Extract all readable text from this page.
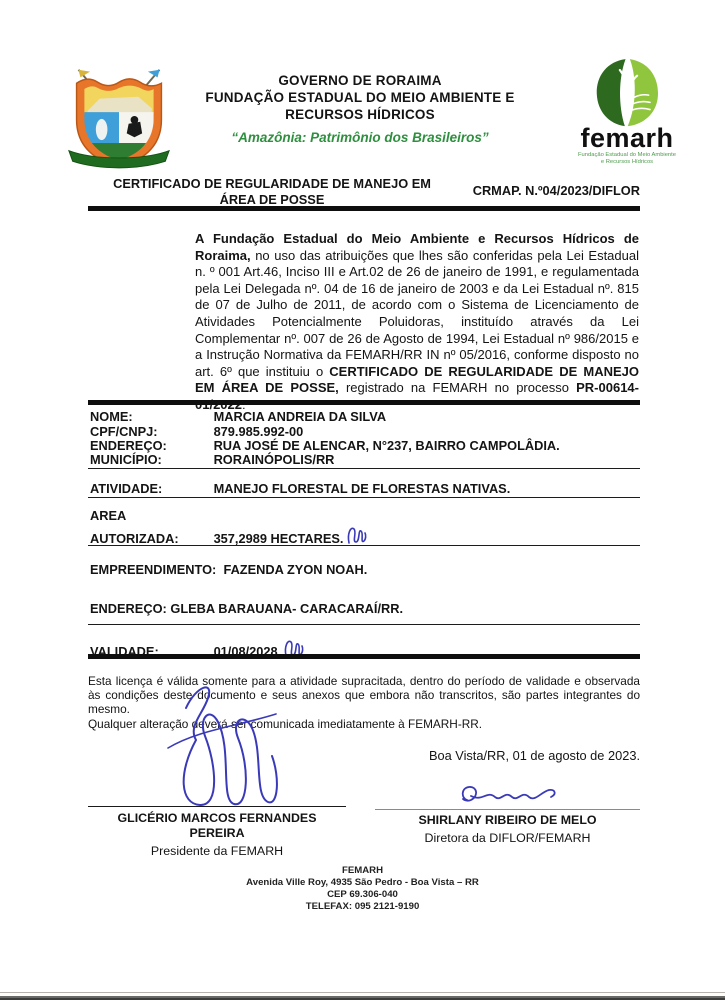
GOVERNO DE RORAIMA
FUNDAÇÃO ESTADUAL DO MEIO AMBIENTE E
RECURSOS HÍDRICOS
“Amazônia: Patrimônio dos Brasileiros”	femarh
Fundação Estadual do Meio Ambiente
e Recursos Hídricos
CERTIFICADO DE REGULARIDADE DE MANEJO EM
ÁREA DE POSSE
CRMAP. N.º04/2023/DIFLOR
A Fundação Estadual do Meio Ambiente e Recursos Hídricos de Roraima, no uso das atribuições que lhes são conferidas pela Lei Estadual n. º 001 Art.46, Inciso III e Art.02 de 26 de janeiro de 1991, e regulamentada pela Lei Delegada nº. 04 de 16 de janeiro de 2003 e da Lei Estadual nº. 815 de 07 de Julho de 2011, de acordo com o Sistema de Licenciamento de Atividades Potencialmente Poluidoras, instituído através da Lei Complementar nº. 007 de 26 de Agosto de 1994, Lei Estadual nº 986/2015 e a Instrução Normativa da FEMARH/RR IN nº 05/2016, conforme disposto no art. 6º que instituiu o CERTIFICADO DE REGULARIDADE DE MANEJO EM ÁREA DE POSSE, registrado na FEMARH no processo PR-00614-01/2022:
NOME:	MARCIA ANDREIA DA SILVA
CPF/CNPJ:	879.985.992-00
ENDEREÇO:	RUA JOSÉ DE ALENCAR, N°237, BAIRRO CAMPOLÂDIA.
MUNICÍPIO:	RORAINÓPOLIS/RR
ATIVIDADE:	MANEJO FLORESTAL DE FLORESTAS NATIVAS.
AREA
AUTORIZADA:	357,2989 HECTARES.
EMPREENDIMENTO: FAZENDA ZYON NOAH.
ENDEREÇO: GLEBA BARAUANA- CARACARAÍ/RR.
VALIDADE:	01/08/2028.
Esta licença é válida somente para a atividade supracitada, dentro do período de validade e observada às condições deste documento e seus anexos que embora não transcritos, são partes integrantes do mesmo.
Qualquer alteração deverá ser comunicada imediatamente à FEMARH-RR.
Boa Vista/RR, 01 de agosto de 2023.
GLICÉRIO MARCOS FERNANDES
PEREIRA
Presidente da FEMARH
SHIRLANY RIBEIRO DE MELO
Diretora da DIFLOR/FEMARH
FEMARH
Avenida Ville Roy, 4935 São Pedro - Boa Vista – RR
CEP 69.306-040
TELEFAX: 095 2121-9190
